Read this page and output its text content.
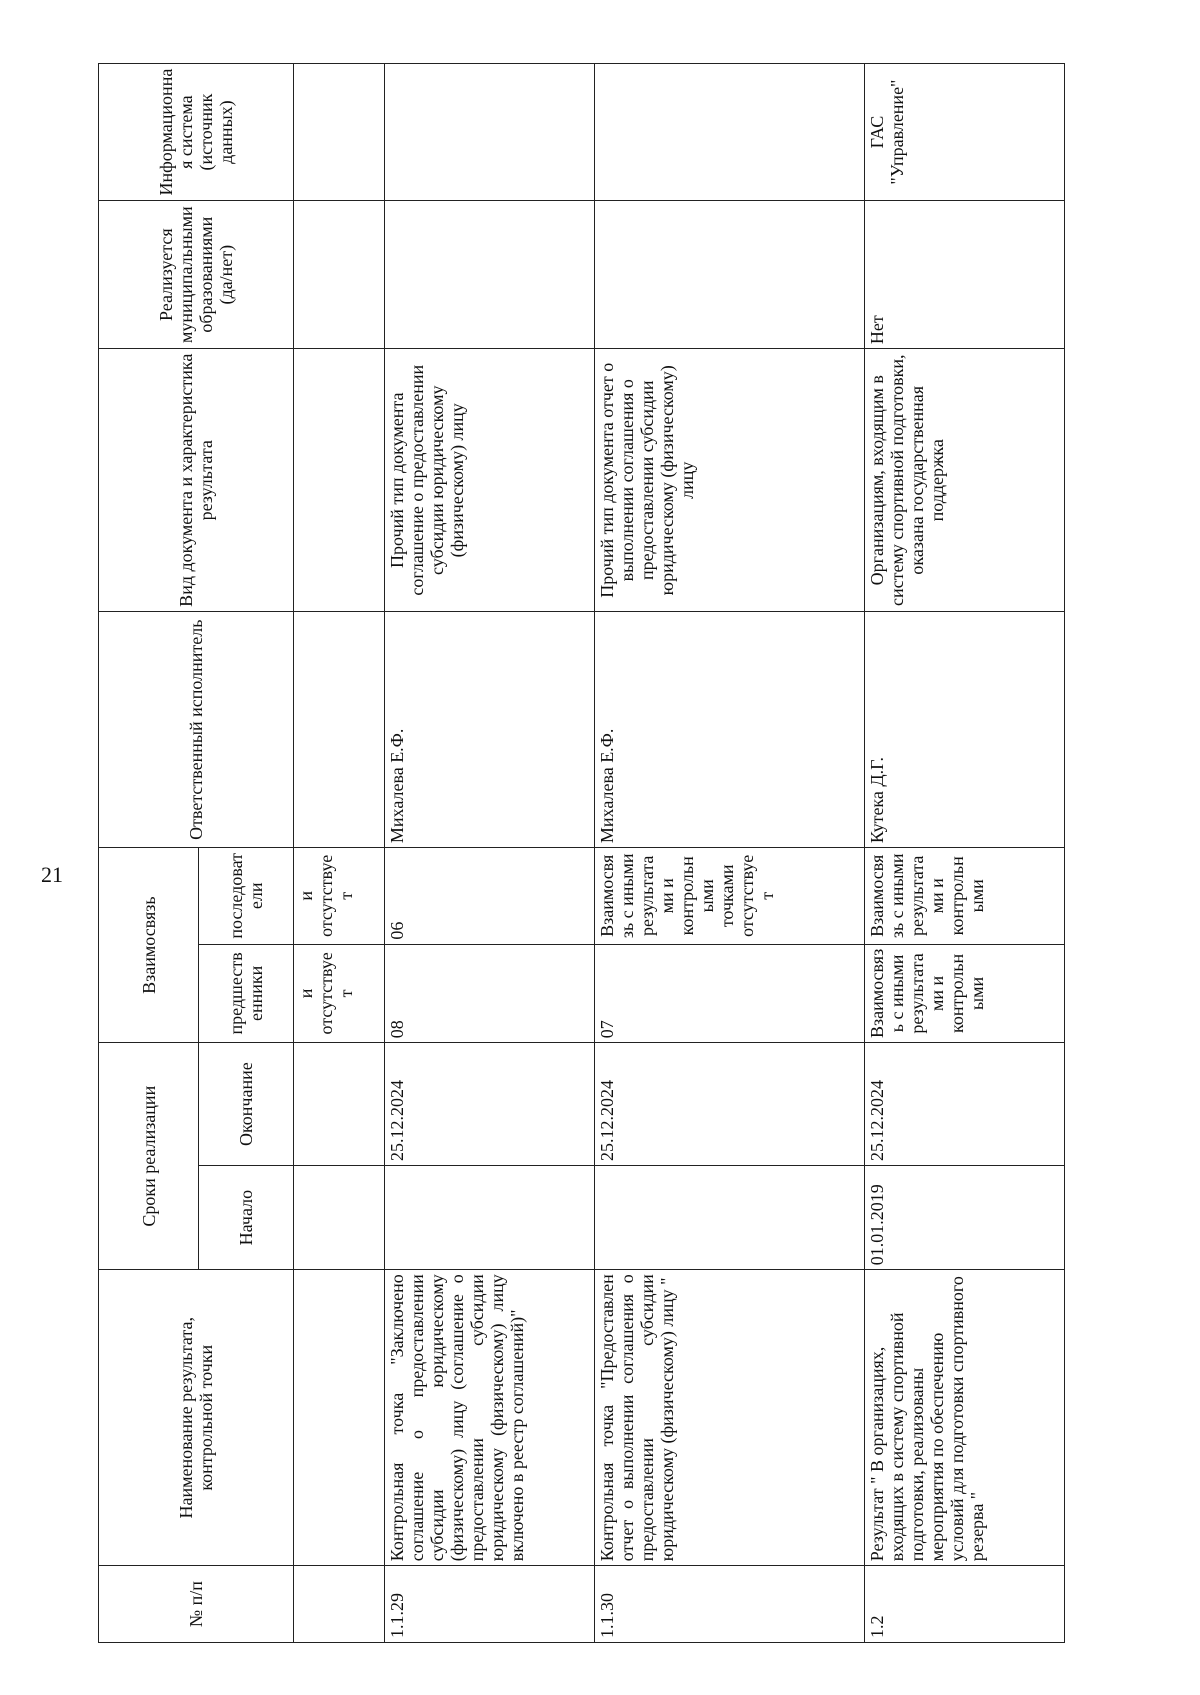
21
№ п/п	Наименование результата, контрольной точки	Сроки реализации		Взаимосвязь		Ответственный исполнитель	Вид документа и характеристика результата	Реализуется муниципальными образованиями (да/нет)	Информационная система (источник данных)
		Начало	Окончание	предшественники	последователи				
				и отсутствует	и отсутствует				
1.1.29	Контрольная точка "Заключено соглашение о предоставлении субсидии юридическому (физическому) лицу (соглашение о предоставлении субсидии юридическому (физическому) лицу включено в реестр соглашений)"		25.12.2024	08	06	Михалева Е.Ф.	Прочий тип документа соглашение о предоставлении субсидии юридическому (физическому) лицу		
1.1.30	Контрольная точка "Предоставлен отчет о выполнении соглашения о предоставлении субсидии юридическому (физическому) лицу "		25.12.2024	07	Взаимосвязь с иными результатами и контрольными точками отсутствует	Михалева Е.Ф.	Прочий тип документа отчет о выполнении соглашения о предоставлении субсидии юридическому (физическому) лицу		
1.2	Результат " В организациях, входящих в систему спортивной подготовки, реализованы мероприятия по обеспечению условий для подготовки спортивного резерва "	01.01.2019	25.12.2024	Взаимосвязь с иными результатами и контрольными	Взаимосвязь с иными результатами и контрольными	Кутека Д.Г.	Организациям, входящим в систему спортивной подготовки, оказана государственная поддержка	Нет	ГАС "Управление"
